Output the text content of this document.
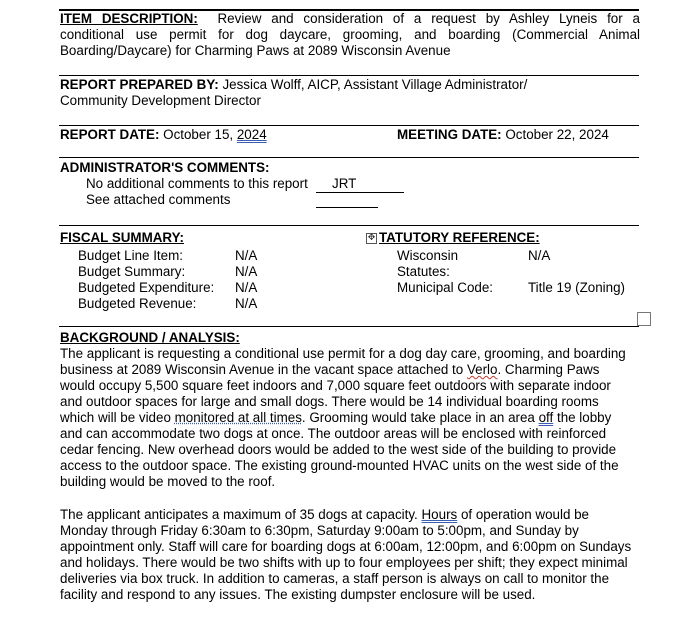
ITEM DESCRIPTION: Review and consideration of a request by Ashley Lyneis for a
conditional use permit for dog daycare, grooming, and boarding (Commercial Animal
Boarding/Daycare) for Charming Paws at 2089 Wisconsin Avenue
REPORT PREPARED BY: Jessica Wolff, AICP, Assistant Village Administrator/
Community Development Director
REPORT DATE: October 15, 2024	MEETING DATE: October 22, 2024
ADMINISTRATOR'S COMMENTS:
No additional comments to this report	JRT
See attached comments
FISCAL SUMMARY:
Budget Line Item:	N/A
Budget Summary:	N/A
Budgeted Expenditure: N/A
Budgeted Revenue:	N/A
✥ TATUTORY REFERENCE:
Wisconsin	N/A
Statutes:
Municipal Code:	Title 19 (Zoning)
BACKGROUND / ANALYSIS:
The applicant is requesting a conditional use permit for a dog day care, grooming, and boarding business at 2089 Wisconsin Avenue in the vacant space attached to Verlo. Charming Paws would occupy 5,500 square feet indoors and 7,000 square feet outdoors with separate indoor and outdoor spaces for large and small dogs. There would be 14 individual boarding rooms which will be video monitored at all times. Grooming would take place in an area off the lobby and can accommodate two dogs at once. The outdoor areas will be enclosed with reinforced cedar fencing. New overhead doors would be added to the west side of the building to provide access to the outdoor space. The existing ground-mounted HVAC units on the west side of the building would be moved to the roof.
The applicant anticipates a maximum of 35 dogs at capacity. Hours of operation would be Monday through Friday 6:30am to 6:30pm, Saturday 9:00am to 5:00pm, and Sunday by appointment only. Staff will care for boarding dogs at 6:00am, 12:00pm, and 6:00pm on Sundays and holidays. There would be two shifts with up to four employees per shift; they expect minimal deliveries via box truck. In addition to cameras, a staff person is always on call to monitor the facility and respond to any issues. The existing dumpster enclosure will be used.
